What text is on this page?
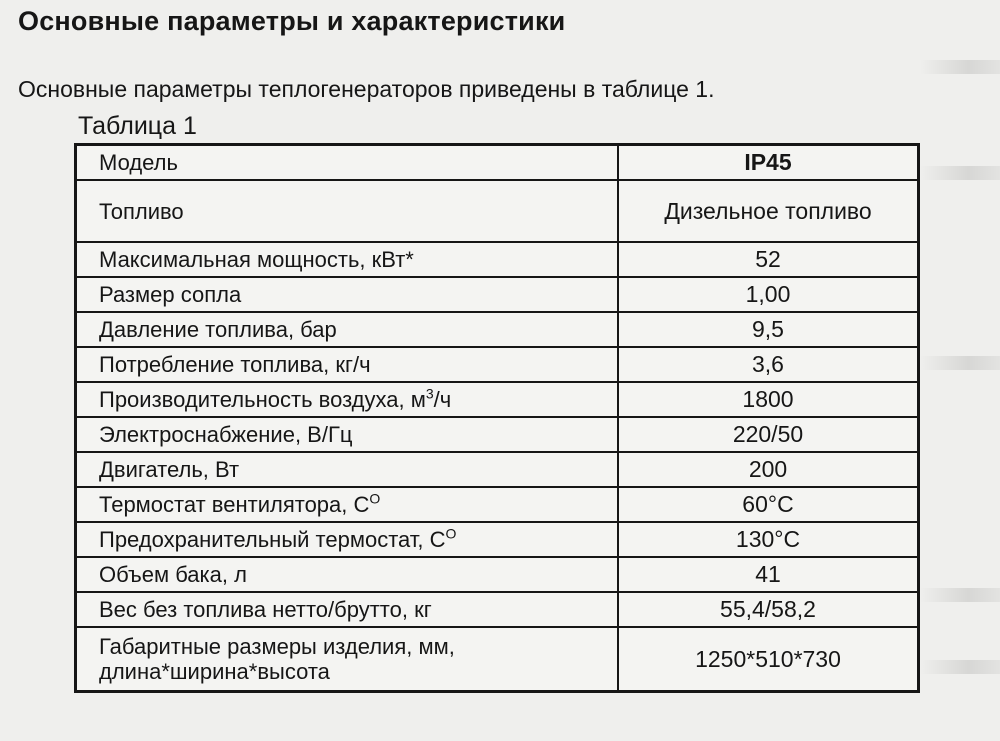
Основные параметры и характеристики
Основные параметры теплогенераторов приведены в таблице 1.
Таблица 1
Модель	IP45
Топливо	Дизельное топливо
Максимальная мощность, кВт*	52
Размер сопла	1,00
Давление топлива, бар	9,5
Потребление топлива, кг/ч	3,6
Производительность воздуха, $м^3/ч$	1800
Электроснабжение, В/Гц	220/50
Двигатель, Вт	200
Термостат вентилятора, $С^O$	60°С
Предохранительный термостат, $С^O$	130°С
Объем бака, л	41
Вес без топлива нетто/брутто, кг	55,4/58,2
Габаритные размеры изделия, мм, длина*ширина*высота	1250*510*730
